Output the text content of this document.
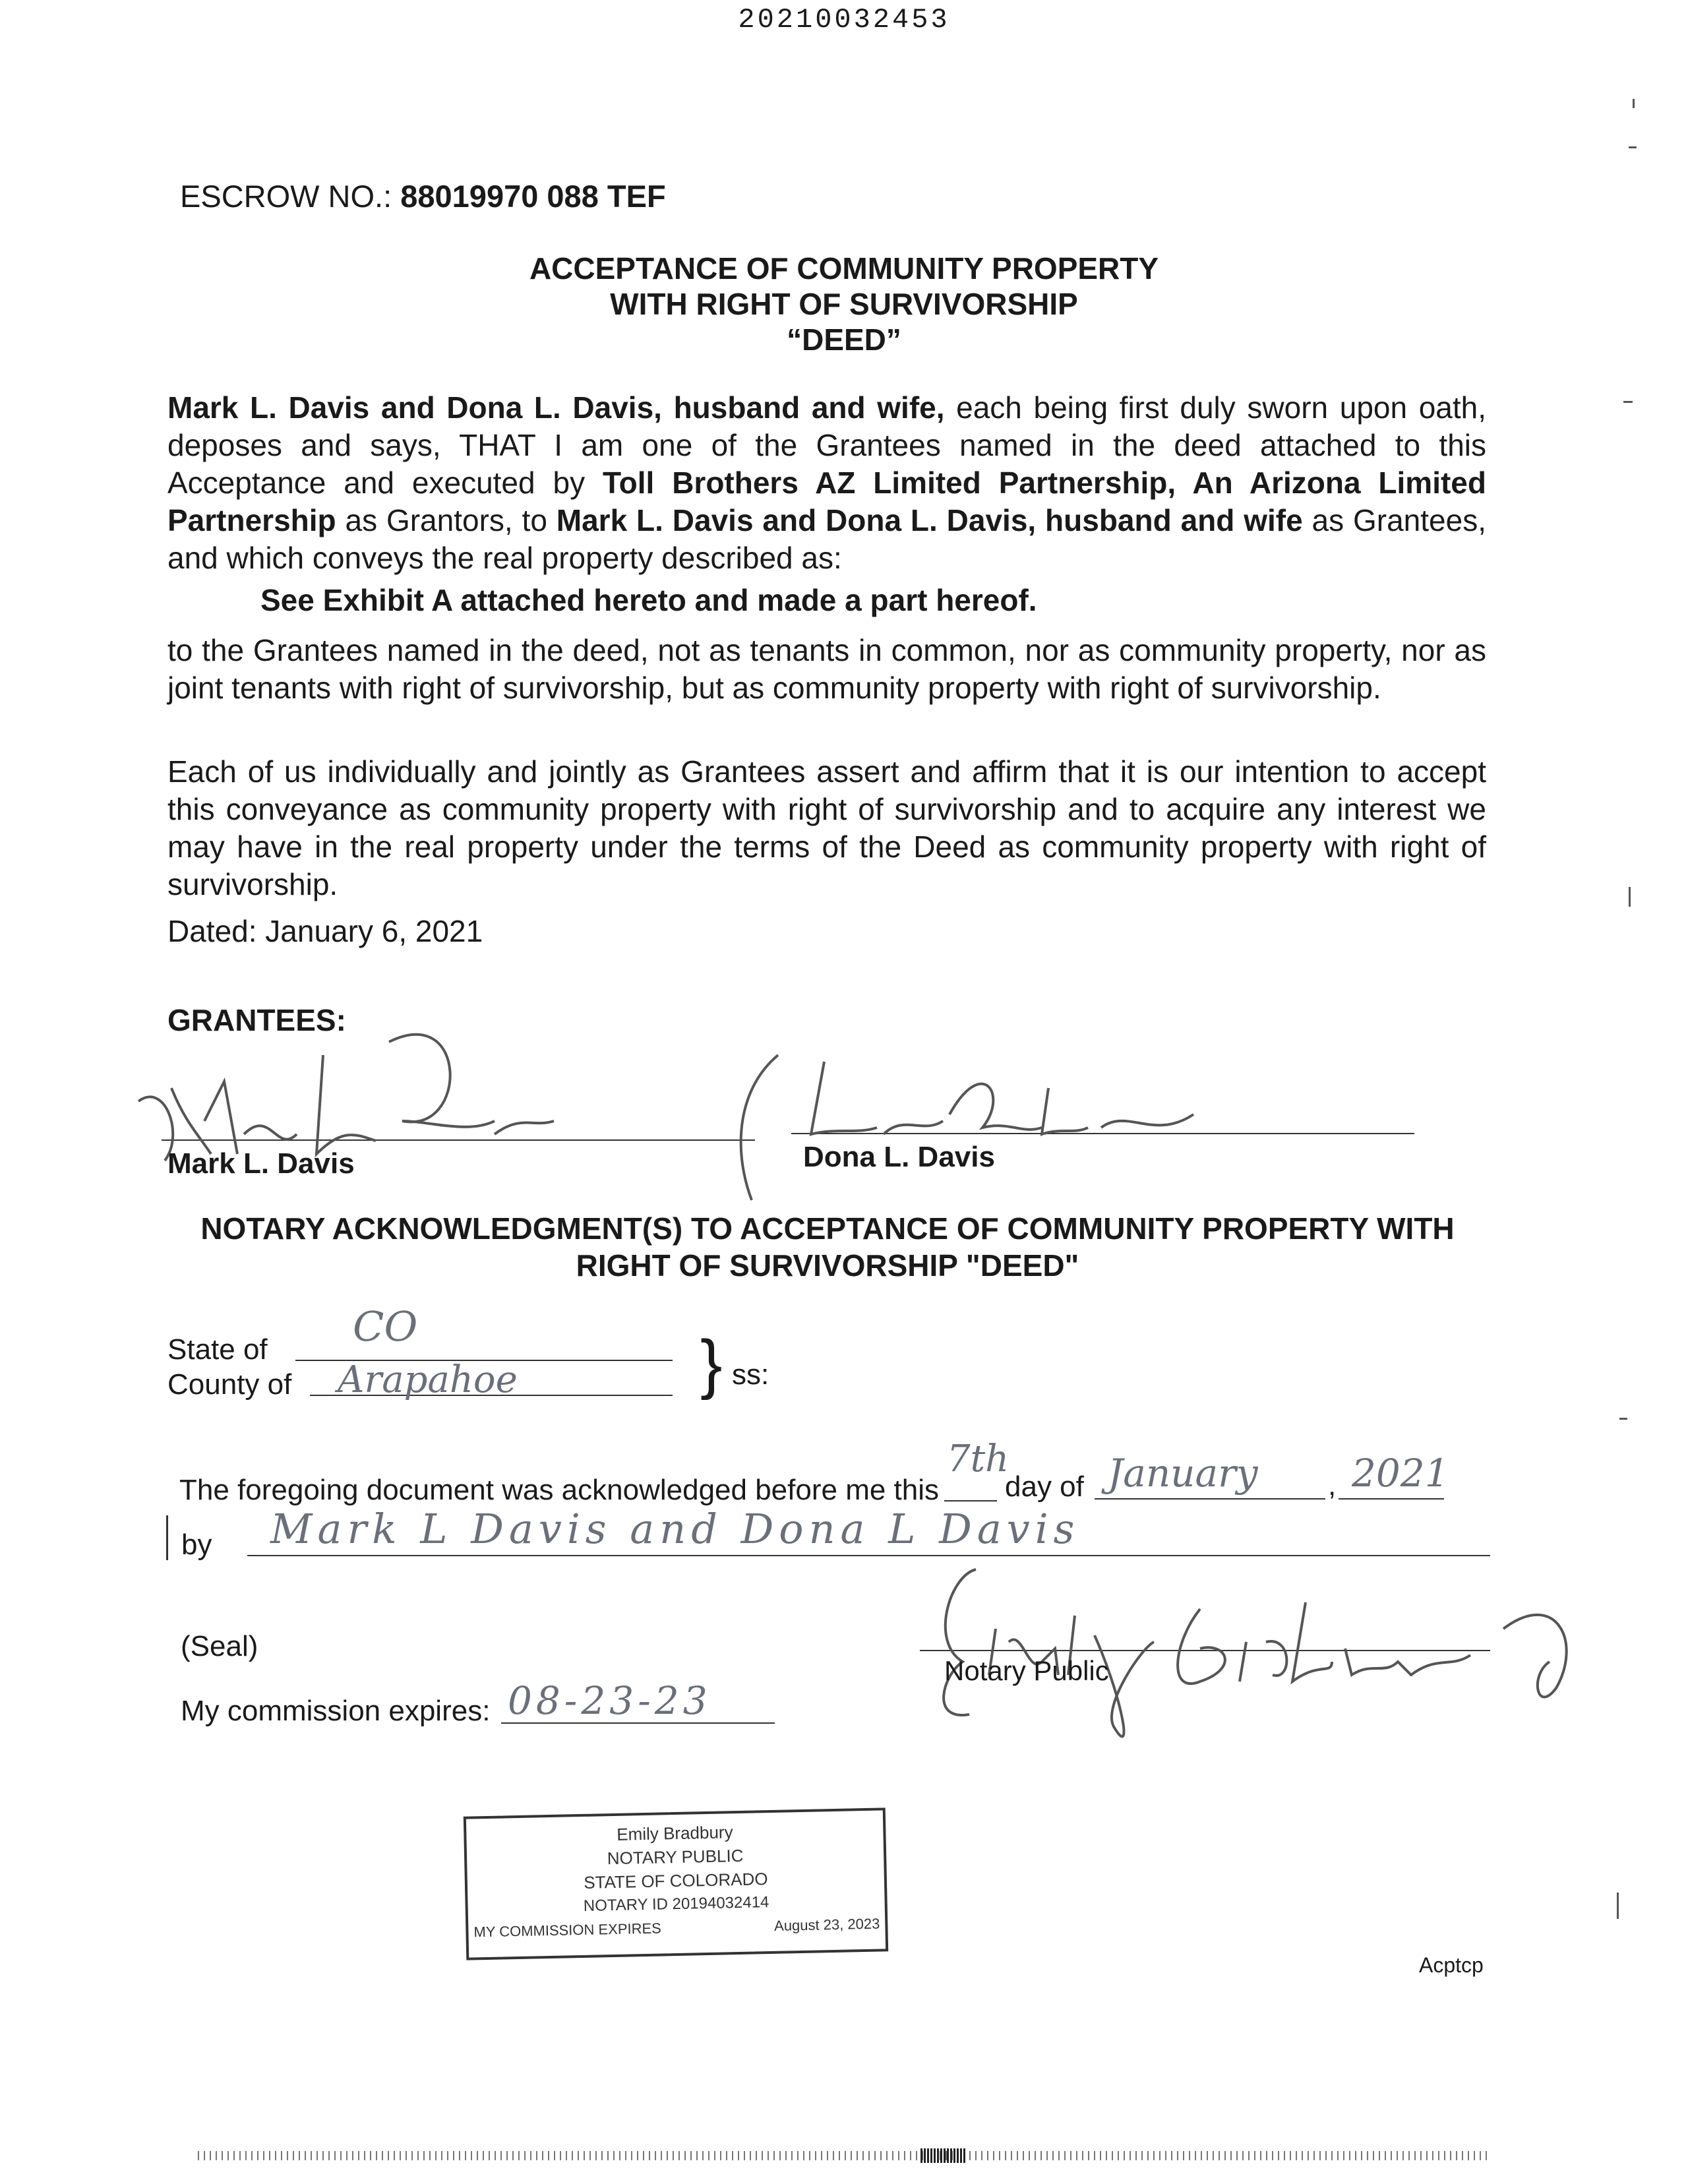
20210032453
ESCROW NO.: 88019970 088 TEF
ACCEPTANCE OF COMMUNITY PROPERTY
WITH RIGHT OF SURVIVORSHIP
“DEED”
Mark L. Davis and Dona L. Davis, husband and wife, each being first duly sworn upon oath, deposes and says, THAT I am one of the Grantees named in the deed attached to this Acceptance and executed by Toll Brothers AZ Limited Partnership, An Arizona Limited Partnership as Grantors, to Mark L. Davis and Dona L. Davis, husband and wife as Grantees, and which conveys the real property described as:
See Exhibit A attached hereto and made a part hereof.
to the Grantees named in the deed, not as tenants in common, nor as community property, nor as joint tenants with right of survivorship, but as community property with right of survivorship.
Each of us individually and jointly as Grantees assert and affirm that it is our intention to accept this conveyance as community property with right of survivorship and to acquire any interest we may have in the real property under the terms of the Deed as community property with right of survivorship.
Dated: January 6, 2021
GRANTEES:
Mark L. Davis	Dona L. Davis
NOTARY ACKNOWLEDGMENT(S) TO ACCEPTANCE OF COMMUNITY PROPERTY WITH
RIGHT OF SURVIVORSHIP "DEED"
State of CO
County of Arapahoe	} ss:
The foregoing document was acknowledged before me this
7th
day of January , 2021
by Mark L Davis and Dona L Davis
(Seal)
Notary Public
My commission expires: 08-23-23
Emily Bradbury
NOTARY PUBLIC
STATE OF COLORADO
NOTARY ID 20194032414
MY COMMISSION EXPIRES	August 23, 2023
Acptcp
